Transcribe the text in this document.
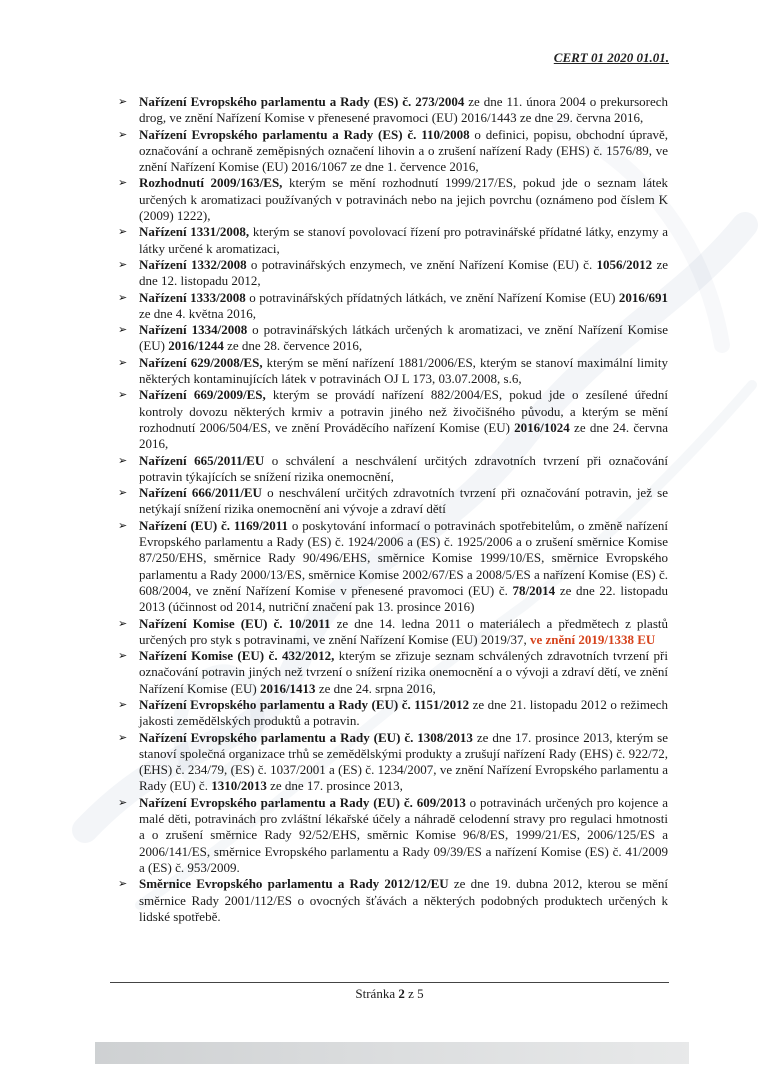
CERT 01 2020 01.01.
➢ Nařízení Evropského parlamentu a Rady (ES) č. 273/2004 ze dne 11. února 2004 o prekursorech drog, ve znění Nařízení Komise v přenesené pravomoci (EU) 2016/1443 ze dne 29. června 2016,
➢ Nařízení Evropského parlamentu a Rady (ES) č. 110/2008 o definici, popisu, obchodní úpravě, označování a ochraně zeměpisných označení lihovin a o zrušení nařízení Rady (EHS) č. 1576/89, ve znění Nařízení Komise (EU) 2016/1067 ze dne 1. července 2016,
➢ Rozhodnutí 2009/163/ES, kterým se mění rozhodnutí 1999/217/ES, pokud jde o seznam látek určených k aromatizaci používaných v potravinách nebo na jejich povrchu (oznámeno pod číslem K (2009) 1222),
➢ Nařízení 1331/2008, kterým se stanoví povolovací řízení pro potravinářské přídatné látky, enzymy a látky určené k aromatizaci,
➢ Nařízení 1332/2008 o potravinářských enzymech, ve znění Nařízení Komise (EU) č. 1056/2012 ze dne 12. listopadu 2012,
➢ Nařízení 1333/2008 o potravinářských přídatných látkách, ve znění Nařízení Komise (EU) 2016/691 ze dne 4. května 2016,
➢ Nařízení 1334/2008 o potravinářských látkách určených k aromatizaci, ve znění Nařízení Komise (EU) 2016/1244 ze dne 28. července 2016,
➢ Nařízení 629/2008/ES, kterým se mění nařízení 1881/2006/ES, kterým se stanoví maximální limity některých kontaminujících látek v potravinách OJ L 173, 03.07.2008, s.6,
➢ Nařízení 669/2009/ES, kterým se provádí nařízení 882/2004/ES, pokud jde o zesílené úřední kontroly dovozu některých krmiv a potravin jiného než živočišného původu, a kterým se mění rozhodnutí 2006/504/ES, ve znění Prováděcího nařízení Komise (EU) 2016/1024 ze dne 24. června 2016,
➢ Nařízení 665/2011/EU o schválení a neschválení určitých zdravotních tvrzení při označování potravin týkajících se snížení rizika onemocnění,
➢ Nařízení 666/2011/EU o neschválení určitých zdravotních tvrzení při označování potravin, jež se netýkají snížení rizika onemocnění ani vývoje a zdraví dětí
➢ Nařízení (EU) č. 1169/2011 o poskytování informací o potravinách spotřebitelům, o změně nařízení Evropského parlamentu a Rady (ES) č. 1924/2006 a (ES) č. 1925/2006 a o zrušení směrnice Komise 87/250/EHS, směrnice Rady 90/496/EHS, směrnice Komise 1999/10/ES, směrnice Evropského parlamentu a Rady 2000/13/ES, směrnice Komise 2002/67/ES a 2008/5/ES a nařízení Komise (ES) č. 608/2004, ve znění Nařízení Komise v přenesené pravomoci (EU) č. 78/2014 ze dne 22. listopadu 2013 (účinnost od 2014, nutriční značení pak 13. prosince 2016)
➢ Nařízení Komise (EU) č. 10/2011 ze dne 14. ledna 2011 o materiálech a předmětech z plastů určených pro styk s potravinami, ve znění Nařízení Komise (EU) 2019/37, ve znění 2019/1338 EU
➢ Nařízení Komise (EU) č. 432/2012, kterým se zřizuje seznam schválených zdravotních tvrzení při označování potravin jiných než tvrzení o snížení rizika onemocnění a o vývoji a zdraví dětí, ve znění Nařízení Komise (EU) 2016/1413 ze dne 24. srpna 2016,
➢ Nařízení Evropského parlamentu a Rady (EU) č. 1151/2012 ze dne 21. listopadu 2012 o režimech jakosti zemědělských produktů a potravin.
➢ Nařízení Evropského parlamentu a Rady (EU) č. 1308/2013 ze dne 17. prosince 2013, kterým se stanoví společná organizace trhů se zemědělskými produkty a zrušují nařízení Rady (EHS) č. 922/72, (EHS) č. 234/79, (ES) č. 1037/2001 a (ES) č. 1234/2007, ve znění Nařízení Evropského parlamentu a Rady (EU) č. 1310/2013 ze dne 17. prosince 2013,
➢ Nařízení Evropského parlamentu a Rady (EU) č. 609/2013 o potravinách určených pro kojence a malé děti, potravinách pro zvláštní lékařské účely a náhradě celodenní stravy pro regulaci hmotnosti a o zrušení směrnice Rady 92/52/EHS, směrnic Komise 96/8/ES, 1999/21/ES, 2006/125/ES a 2006/141/ES, směrnice Evropského parlamentu a Rady 09/39/ES a nařízení Komise (ES) č. 41/2009 a (ES) č. 953/2009.
➢ Směrnice Evropského parlamentu a Rady 2012/12/EU ze dne 19. dubna 2012, kterou se mění směrnice Rady 2001/112/ES o ovocných šťávách a některých podobných produktech určených k lidské spotřebě.
Stránka 2 z 5
